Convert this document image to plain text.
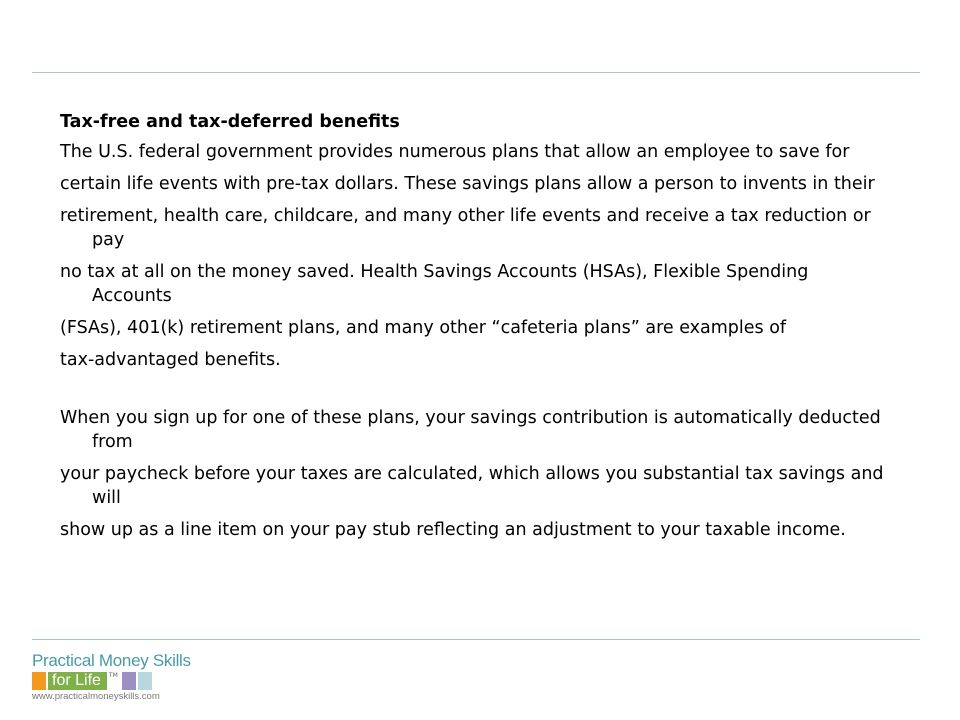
Tax-free and tax-deferred benefits

The U.S. federal government provides numerous plans that allow an employee to save for

certain life events with pre-tax dollars. These savings plans allow a person to invents in their

retirement, health care, childcare, and many other life events and receive a tax reduction or pay

no tax at all on the money saved. Health Savings Accounts (HSAs), Flexible Spending Accounts

(FSAs), 401(k) retirement plans, and many other “cafeteria plans” are examples of

tax-advantaged benefits.

When you sign up for one of these plans, your savings contribution is automatically deducted from

your paycheck before your taxes are calculated, which allows you substantial tax savings and will

show up as a line item on your pay stub reflecting an adjustment to your taxable income.

Practical Money Skills
for Life	TM
www.practicalmoneyskills.com
